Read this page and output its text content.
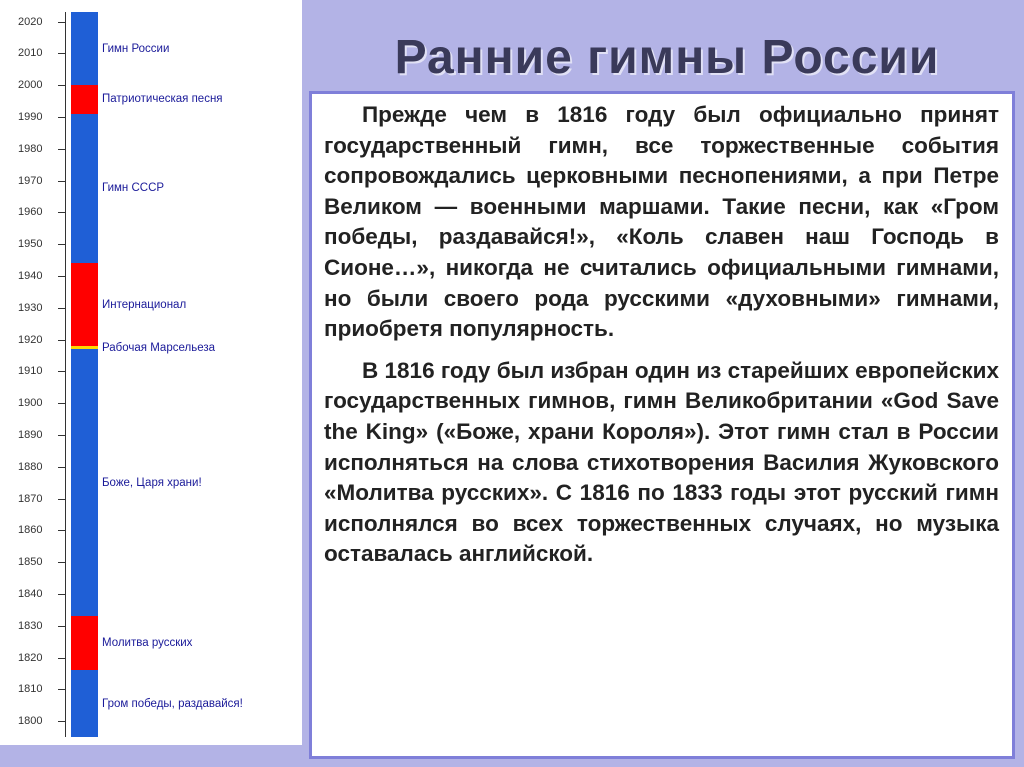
2020
2010
2000
1990
1980
1970
1960
1950
1940
1930
1920
1910
1900
1890
1880
1870
1860
1850
1840
1830
1820
1810
1800
Гром победы, раздавайся!
Молитва русских
Боже, Царя храни!
Рабочая Марсельеза
Интернационал
Гимн СССР
Патриотическая песня
Гимн России	Ранние гимны России

Прежде чем в 1816 году был официально принят государственный гимн, все торжественные события сопровождались церковными песнопениями, а при Петре Великом — военными маршами. Такие песни, как «Гром победы, раздавайся!», «Коль славен наш Господь в Сионе…», никогда не считались официальными гимнами, но были своего рода русскими «духовными» гимнами, приобретя популярность.

В 1816 году был избран один из старейших европейских государственных гимнов, гимн Великобритании «God Save the King» («Боже, храни Короля»). Этот гимн стал в России исполняться на слова стихотворения Василия Жуковского «Молитва русских». С 1816 по 1833 годы этот русский гимн исполнялся во всех торжественных случаях, но музыка оставалась английской.
